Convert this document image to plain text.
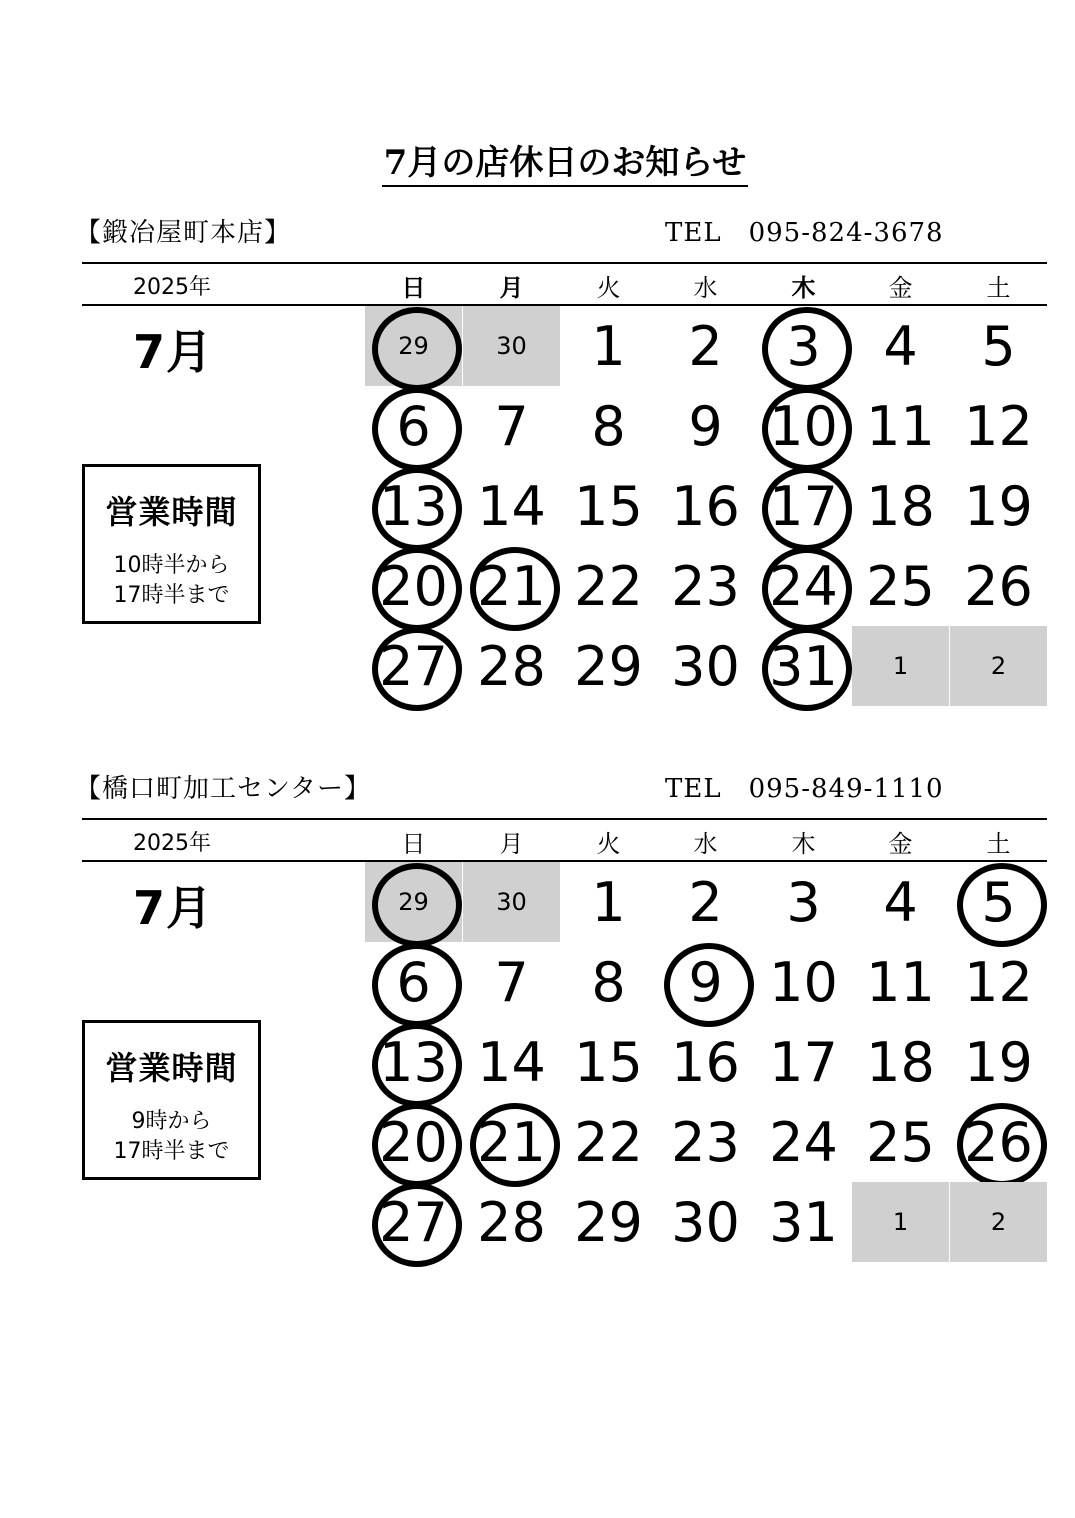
7月の店休日のお知らせ
【鍛冶屋町本店】	TEL　095-824-3678
2025年	日	月	火	水	木	金	土
7月
営業時間
10時半から
17時半まで
29	30 1 2 3 4 5
6 7 8 9 10 11 12
13 14 15 16 17 18 19
20 21 22 23 24 25 26
27 28 29 30 31 1	2
【橋口町加工センター】	TEL　095-849-1110
2025年	日	月	火	水	木	金	土
7月
営業時間
9時から
17時半まで
29	30 1 2 3 4 5
6 7 8 9 10 11 12
13 14 15 16 17 18 19
20 21 22 23 24 25 26
27 28 29 30 31 1	2
